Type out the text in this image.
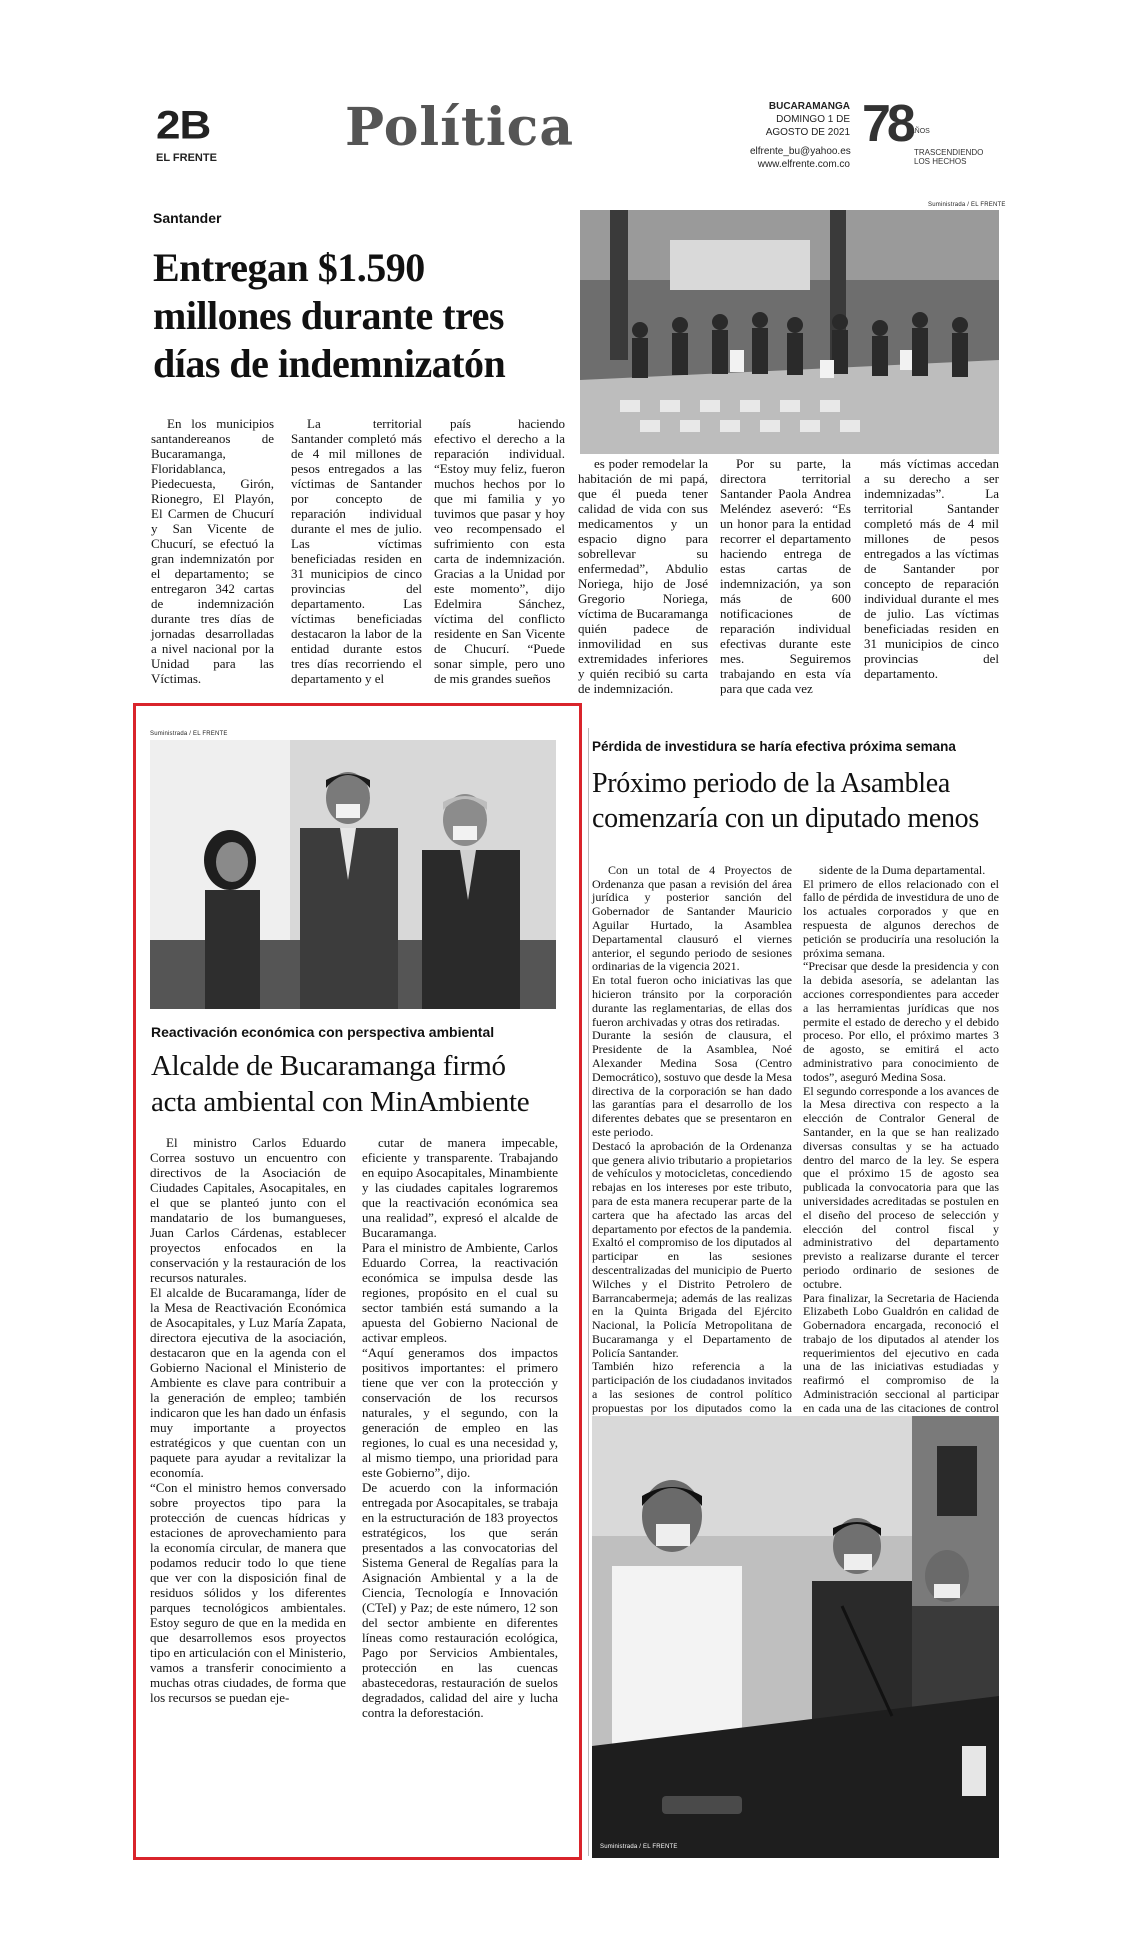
2B
EL FRENTE Política	BUCARAMANGA
DOMINGO 1 DE AGOSTO DE 2021
elfrente_bu@yahoo.es
www.elfrente.com.co
78
AÑOS
TRASCENDIENDO
LOS HECHOS
Santander
Entregan $1.590
millones durante tres
días de indemnizatón
Suministrada / EL FRENTE

En los municipios santandereanos de Bucaramanga, Floridablanca, Piedecuesta, Girón, Rionegro, El Playón, El Carmen de Chucurí y San Vicente de Chucurí, se efectuó la gran indemnizatón por el departamento; se entregaron 342 cartas de indemnización durante tres días de jornadas desarrolladas a nivel nacional por la Unidad para las Víctimas.

La territorial Santander completó más de 4 mil millones de pesos entregados a las víctimas de Santander por concepto de reparación individual durante el mes de julio. Las víctimas beneficiadas residen en 31 municipios de cinco provincias del departamento. Las víctimas beneficiadas destacaron la labor de la entidad durante estos tres días recorriendo el departamento y el

país haciendo efectivo el derecho a la reparación individual. “Estoy muy feliz, fueron muchos hechos por lo que mi familia y yo tuvimos que pasar y hoy veo recompensado el sufrimiento con esta carta de indemnización. Gracias a la Unidad por este momento”, dijo Edelmira Sánchez, víctima del conflicto residente en San Vicente de Chucurí. “Puede sonar simple, pero uno de mis grandes sueños

es poder remodelar la habitación de mi papá, que él pueda tener calidad de vida con sus medicamentos y un espacio digno para sobrellevar su enfermedad”, Abdulio Noriega, hijo de José Gregorio Noriega, víctima de Bucaramanga quién padece de inmovilidad en sus extremidades inferiores y quién recibió su carta de indemnización.

Por su parte, la directora territorial Santander Paola Andrea Meléndez aseveró: “Es un honor para la entidad recorrer el departamento haciendo entrega de estas cartas de indemnización, ya son más de 600 notificaciones de reparación individual efectivas durante este mes. Seguiremos trabajando en esta vía para que cada vez

más víctimas accedan a su derecho a ser indemnizadas”. La territorial Santander completó más de 4 mil millones de pesos entregados a las víctimas de Santander por concepto de reparación individual durante el mes de julio. Las víctimas beneficiadas residen en 31 municipios de cinco provincias del departamento.

Suministrada / EL FRENTE
Reactivación económica con perspectiva ambiental
Alcalde de Bucaramanga firmó
acta ambiental con MinAmbiente

El ministro Carlos Eduardo Correa sostuvo un encuentro con directivos de la Asociación de Ciudades Capitales, Asocapitales, en el que se planteó junto con el mandatario de los bumangueses, Juan Carlos Cárdenas, establecer proyectos enfocados en la conservación y la restauración de los recursos naturales.
El alcalde de Bucaramanga, líder de la Mesa de Reactivación Económica de Asocapitales, y Luz María Zapata, directora ejecutiva de la asociación, destacaron que en la agenda con el Gobierno Nacional el Ministerio de Ambiente es clave para contribuir a la generación de empleo; también indicaron que les han dado un énfasis muy importante a proyectos estratégicos y que cuentan con un paquete para ayudar a revitalizar la economía.
“Con el ministro hemos conversado sobre proyectos tipo para la protección de cuencas hídricas y estaciones de aprovechamiento para la economía circular, de manera que podamos reducir todo lo que tiene que ver con la disposición final de residuos sólidos y los diferentes parques tecnológicos ambientales. Estoy seguro de que en la medida en que desarrollemos esos proyectos tipo en articulación con el Ministerio, vamos a transferir conocimiento a muchas otras ciudades, de forma que los recursos se puedan eje-

cutar de manera impecable, eficiente y transparente. Trabajando en equipo Asocapitales, Minambiente y las ciudades capitales lograremos que la reactivación económica sea una realidad”, expresó el alcalde de Bucaramanga.
Para el ministro de Ambiente, Carlos Eduardo Correa, la reactivación económica se impulsa desde las regiones, propósito en el cual su sector también está sumando a la apuesta del Gobierno Nacional de activar empleos.
“Aquí generamos dos impactos positivos importantes: el primero tiene que ver con la protección y conservación de los recursos naturales, y el segundo, con la generación de empleo en las regiones, lo cual es una necesidad y, al mismo tiempo, una prioridad para este Gobierno”, dijo.
De acuerdo con la información entregada por Asocapitales, se trabaja en la estructuración de 183 proyectos estratégicos, los que serán presentados a las convocatorias del Sistema General de Regalías para la Asignación Ambiental y a la de Ciencia, Tecnología e Innovación (CTeI) y Paz; de este número, 12 son del sector ambiente en diferentes líneas como restauración ecológica, Pago por Servicios Ambientales, protección en las cuencas abastecedoras, restauración de suelos degradados, calidad del aire y lucha contra la deforestación.

Pérdida de investidura se haría efectiva próxima semana
Próximo periodo de la Asamblea
comenzaría con un diputado menos

Con un total de 4 Proyectos de Ordenanza que pasan a revisión del área jurídica y posterior sanción del Gobernador de Santander Mauricio Aguilar Hurtado, la Asamblea Departamental clausuró el viernes anterior, el segundo periodo de sesiones ordinarias de la vigencia 2021.
En total fueron ocho iniciativas las que hicieron tránsito por la corporación durante las reglamentarias, de ellas dos fueron archivadas y otras dos retiradas.
Durante la sesión de clausura, el Presidente de la Asamblea, Noé Alexander Medina Sosa (Centro Democrático), sostuvo que desde la Mesa directiva de la corporación se han dado las garantías para el desarrollo de los diferentes debates que se presentaron en este periodo.
Destacó la aprobación de la Ordenanza que genera alivio tributario a propietarios de vehículos y motocicletas, concediendo rebajas en los intereses por este tributo, para de esta manera recuperar parte de la cartera que ha afectado las arcas del departamento por efectos de la pandemia.
Exaltó el compromiso de los diputados al participar en las sesiones descentralizadas del municipio de Puerto Wilches y el Distrito Petrolero de Barrancabermeja; además de las realizas en la Quinta Brigada del Ejército Nacional, la Policía Metropolitana de Bucaramanga y el Departamento de Policía Santander.
También hizo referencia a la participación de los ciudadanos invitados a las sesiones de control político propuestas por los diputados como la

sidente de la Duma departamental.
El primero de ellos relacionado con el fallo de pérdida de investidura de uno de los actuales corporados y que en respuesta de algunos derechos de petición se produciría una resolución la próxima semana.
“Precisar que desde la presidencia y con la debida asesoría, se adelantan las acciones correspondientes para acceder a las herramientas jurídicas que nos permite el estado de derecho y el debido proceso. Por ello, el próximo martes 3 de agosto, se emitirá el acto administrativo para conocimiento de todos”, aseguró Medina Sosa.
El segundo corresponde a los avances de la Mesa directiva con respecto a la elección de Contralor General de Santander, en la que se han realizado diversas consultas y se ha actuado dentro del marco de la ley. Se espera que el próximo 15 de agosto sea publicada la convocatoria para que las universidades acreditadas se postulen en el diseño del proceso de selección y elección del control fiscal y administrativo del departamento previsto a realizarse durante el tercer periodo ordinario de sesiones de octubre.
Para finalizar, la Secretaria de Hacienda Elizabeth Lobo Gualdrón en calidad de Gobernadora encargada, reconoció el trabajo de los diputados al atender los requerimientos del ejecutivo en cada una de las iniciativas estudiadas y reafirmó el compromiso de la Administración seccional al participar en cada una de las citaciones de control

Suministrada / EL FRENTE
